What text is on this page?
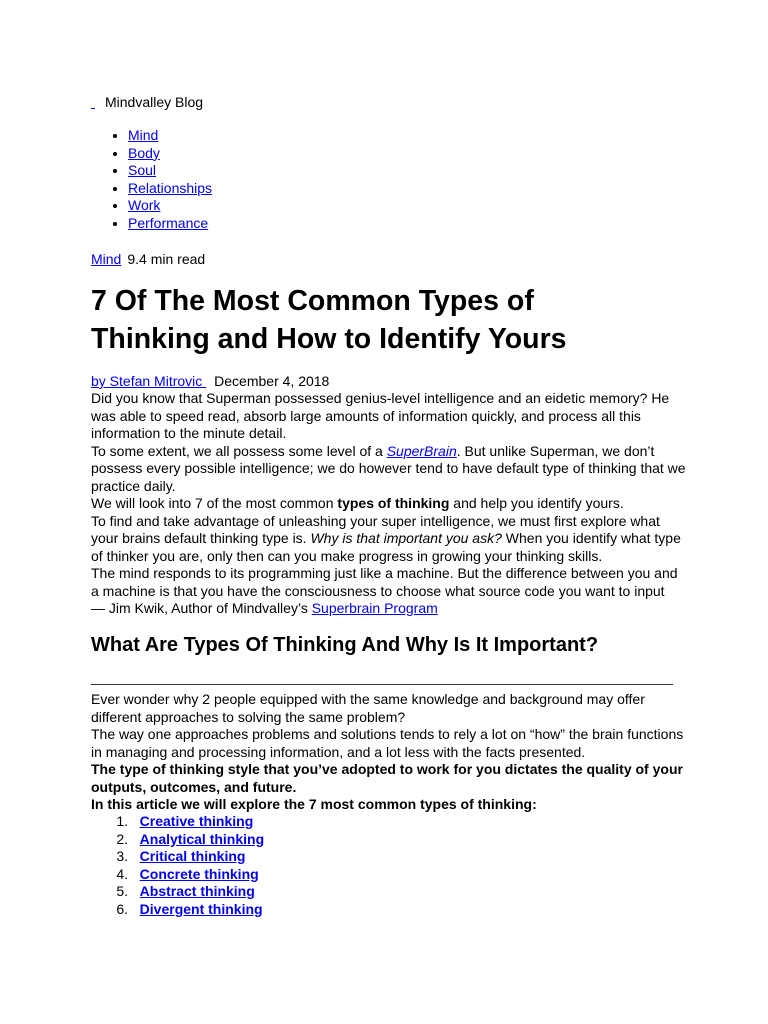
Mindvalley Blog
• Mind
• Body
• Soul
• Relationships
• Work
• Performance
Mind 9.4 min read
7 Of The Most Common Types of Thinking and How to Identify Yours
by Stefan Mitrovic December 4, 2018

Did you know that Superman possessed genius-level intelligence and an eidetic memory? He was able to speed read, absorb large amounts of information quickly, and process all this information to the minute detail.

To some extent, we all possess some level of a SuperBrain. But unlike Superman, we don’t possess every possible intelligence; we do however tend to have default type of thinking that we practice daily.

We will look into 7 of the most common types of thinking and help you identify yours.

To find and take advantage of unleashing your super intelligence, we must first explore what your brains default thinking type is. Why is that important you ask? When you identify what type of thinker you are, only then can you make progress in growing your thinking skills.

The mind responds to its programming just like a machine. But the difference between you and a machine is that you have the consciousness to choose what source code you want to input

— Jim Kwik, Author of Mindvalley’s Superbrain Program

What Are Types Of Thinking And Why Is It Important?

Ever wonder why 2 people equipped with the same knowledge and background may offer different approaches to solving the same problem?

The way one approaches problems and solutions tends to rely a lot on “how” the brain functions in managing and processing information, and a lot less with the facts presented.

The type of thinking style that you’ve adopted to work for you dictates the quality of your outputs, outcomes, and future.

In this article we will explore the 7 most common types of thinking:

1.
Creative thinking
2.
Analytical thinking
3.
Critical thinking
4.
Concrete thinking
5.
Abstract thinking
6.
Divergent thinking
